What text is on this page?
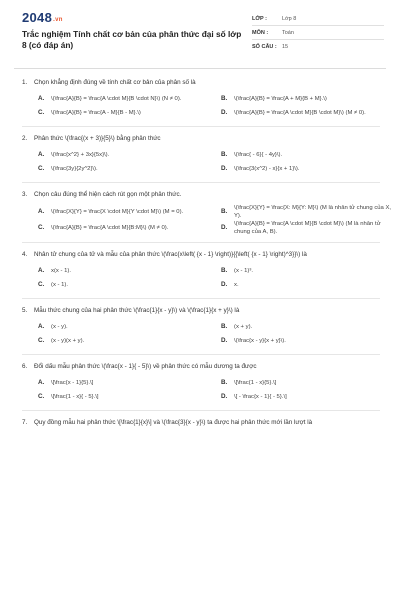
2048.vn
Trắc nghiệm Tính chất cơ bản của phân thức đại số lớp 8 (có đáp án)
LỚP :	Lớp 8
MÔN :	Toán
SỐ CÂU : 15
1. Chọn khẳng định đúng về tính chất cơ bản của phân số là
A. \(\frac{A}{B} = \frac{A \cdot M}{B \cdot N}\) (N ≠ 0).	B. \(\frac{A}{B} = \frac{A + M}{B + M}.\)
C. \(\frac{A}{B} = \frac{A - M}{B - M}.\)	D. \(\frac{A}{B} = \frac{A \cdot M}{B \cdot M}\) (M ≠ 0).
2. Phân thức \(\frac{(x + 3)}{5}\) bằng phân thức
A. \(\frac{x^2} + 3x}{5x}\).	B. \(\frac{ - 6}{ - 4y}\).
C. \(\frac{3y}{2y^2}\).	D. \(\frac{3(x^2) - x}{x + 1}\).
3. Chọn câu đúng thể hiện cách rút gọn một phân thức.
A. \(\frac{X}{Y} = \frac{X \cdot M}{Y \cdot M}\) (M = 0).	B. \(\frac{X}{Y} = \frac{X: M}{Y: M}\) (M là nhân tử chung của X, Y).
C. \(\frac{A}{B} = \frac{A \cdot M}{B:M}\) (M ≠ 0).	D. \(\frac{A}{B} = \frac{A \cdot M}{B \cdot M}\) (M là nhân tử chung của A, B).
4. Nhân tử chung của tử và mẫu của phân thức \(\frac{x\left( {x - 1} \right)}{{\left( {x - 1} \right)^3}}\) là
A. x(x - 1).	B. (x - 1)³.
C. (x - 1).	D. x.
5. Mẫu thức chung của hai phân thức \(\frac{1}{x - y}\) và \(\frac{1}{x + y}\) là
A. (x - y).	B. (x + y).
C. (x - y)(x + y).	D. \(\frac{x - y}{x + y}\).
6. Đổi dấu mẫu phân thức \(\frac{x - 1}{ - 5}\) về phân thức có mẫu dương ta được
A. \[\frac{x - 1}{5}.\]	B. \[\frac{1 - x}{5}.\]
C. \[\frac{1 - x}{ - 5}.\]	D. \[ - \frac{x - 1}{ - 5}.\]
7. Quy đồng mẫu hai phân thức \[\frac{1}{x}\] và \(\frac{3}{x - y}\) ta được hai phân thức mới lần lượt là
